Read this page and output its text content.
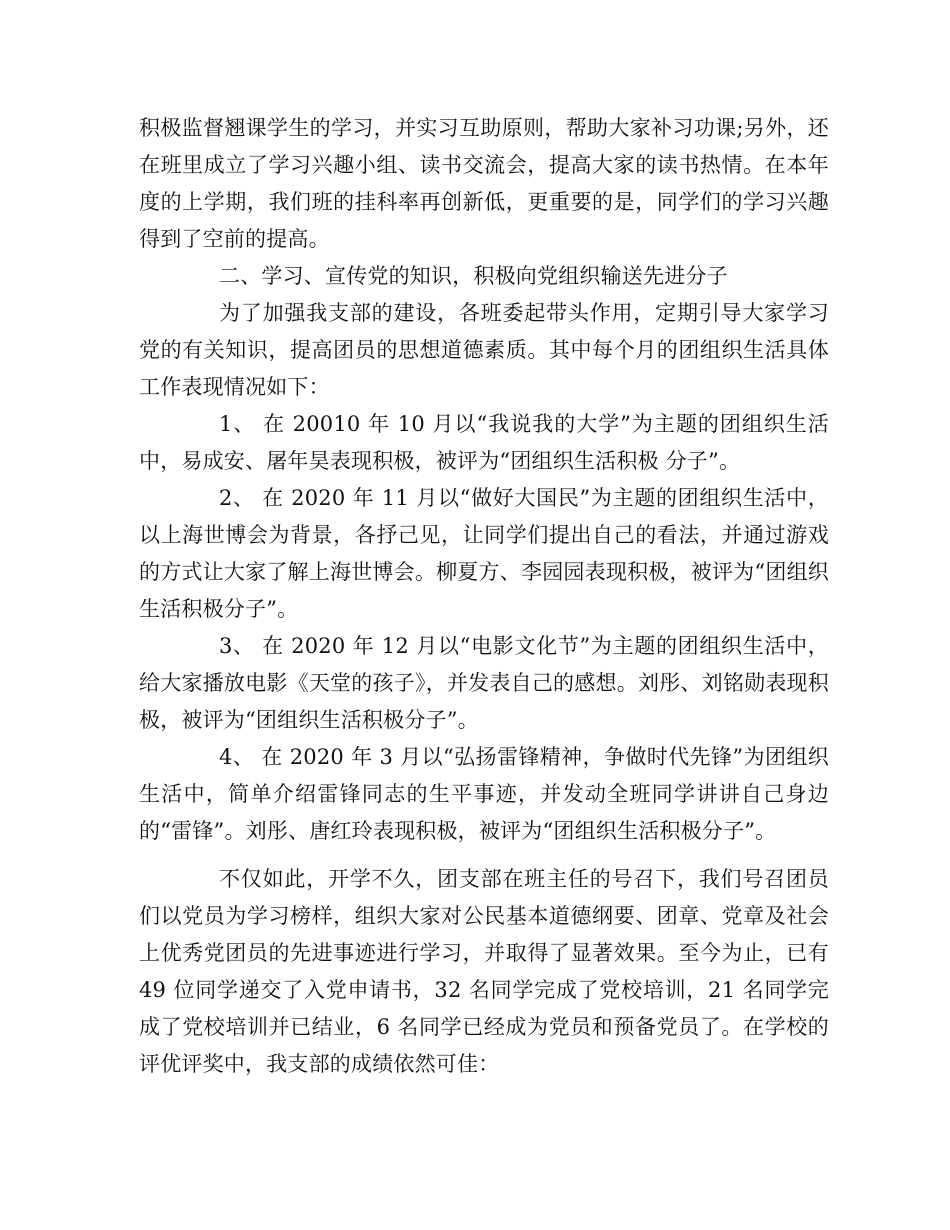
积极监督翘课学生的学习，并实习互助原则，帮助大家补习功课;另外，还在班里成立了学习兴趣小组、读书交流会，提高大家的读书热情。在本年度的上学期，我们班的挂科率再创新低，更重要的是，同学们的学习兴趣得到了空前的提高。

二、学习、宣传党的知识，积极向党组织输送先进分子

为了加强我支部的建设，各班委起带头作用，定期引导大家学习党的有关知识，提高团员的思想道德素质。其中每个月的团组织生活具体工作表现情况如下：

1、 在 20010 年 10 月以“我说我的大学”为主题的团组织生活中，易成安、屠年昊表现积极，被评为“团组织生活积极 分子”。

2、 在 2020 年 11 月以“做好大国民”为主题的团组织生活中，以上海世博会为背景，各抒己见，让同学们提出自己的看法，并通过游戏的方式让大家了解上海世博会。柳夏方、李园园表现积极，被评为“团组织生活积极分子”。

3、 在 2020 年 12 月以“电影文化节”为主题的团组织生活中，给大家播放电影《天堂的孩子》，并发表自己的感想。刘彤、刘铭勋表现积极，被评为“团组织生活积极分子”。

4、 在 2020 年 3 月以“弘扬雷锋精神，争做时代先锋”为团组织生活中，简单介绍雷锋同志的生平事迹，并发动全班同学讲讲自己身边的“雷锋”。刘彤、唐红玲表现积极，被评为“团组织生活积极分子”。

不仅如此，开学不久，团支部在班主任的号召下，我们号召团员们以党员为学习榜样，组织大家对公民基本道德纲要、团章、党章及社会上优秀党团员的先进事迹进行学习，并取得了显著效果。至今为止，已有 49 位同学递交了入党申请书，32 名同学完成了党校培训，21 名同学完成了党校培训并已结业，6 名同学已经成为党员和预备党员了。在学校的评优评奖中，我支部的成绩依然可佳：
